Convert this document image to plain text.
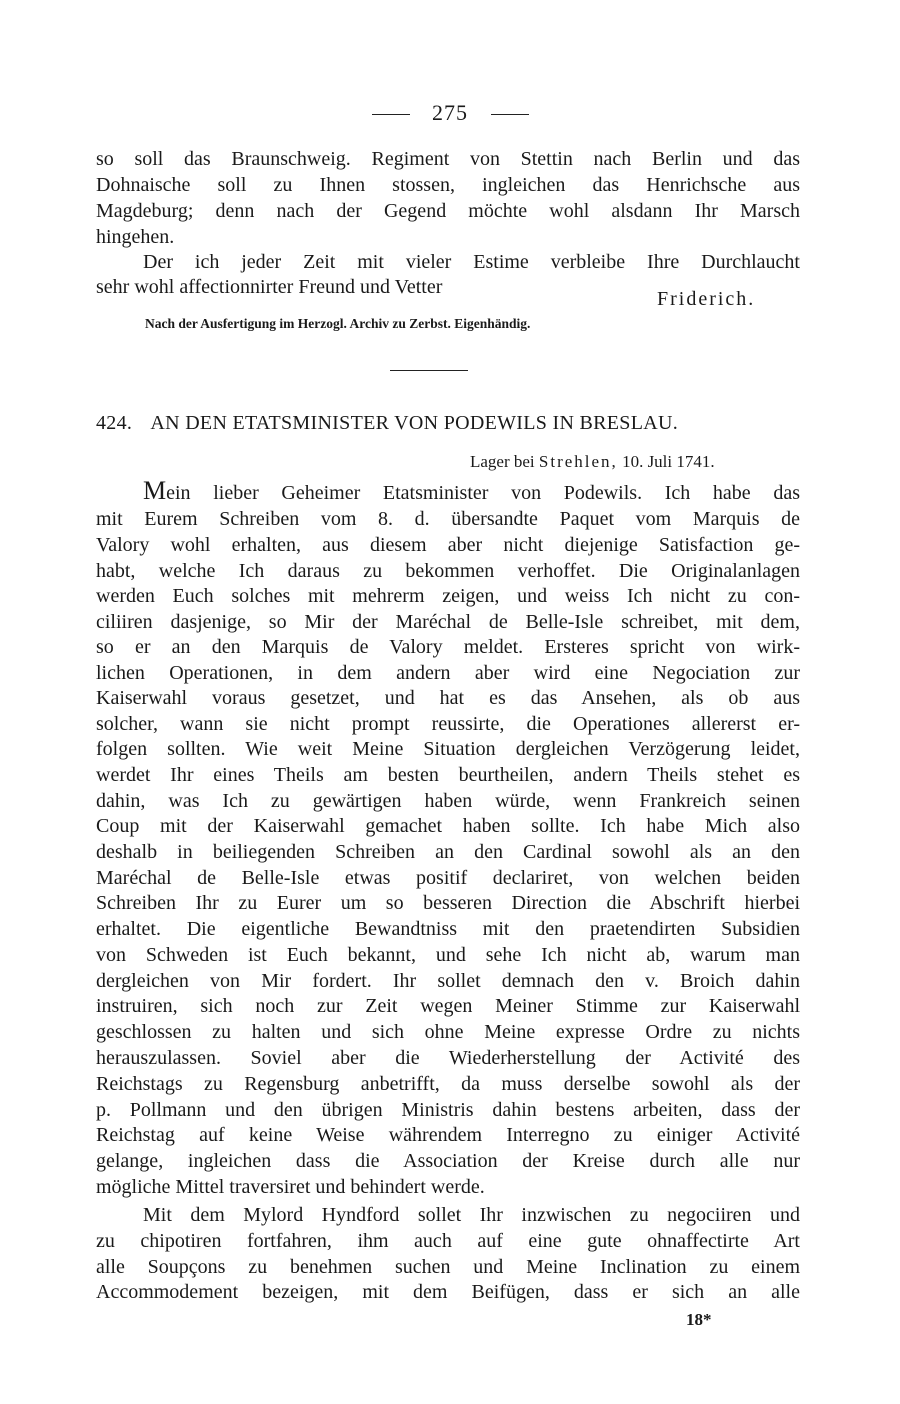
275
so soll das Braunschweig. Regiment von Stettin nach Berlin und das
Dohnaische soll zu Ihnen stossen, ingleichen das Henrichsche aus
Magdeburg; denn nach der Gegend möchte wohl alsdann Ihr Marsch
hingehen.
Der ich jeder Zeit mit vieler Estime verbleibe Ihre Durchlaucht
sehr wohl affectionnirter Freund und Vetter
Friderich.
Nach der Ausfertigung im Herzogl. Archiv zu Zerbst. Eigenhändig.
424. AN DEN ETATSMINISTER VON PODEWILS IN BRESLAU.
Lager bei Strehlen, 10. Juli 1741.
Mein lieber Geheimer Etatsminister von Podewils. Ich habe das
mit Eurem Schreiben vom 8. d. übersandte Paquet vom Marquis de
Valory wohl erhalten, aus diesem aber nicht diejenige Satisfaction ge-
habt, welche Ich daraus zu bekommen verhoffet. Die Originalanlagen
werden Euch solches mit mehrerm zeigen, und weiss Ich nicht zu con-
ciliiren dasjenige, so Mir der Maréchal de Belle-Isle schreibet, mit dem,
so er an den Marquis de Valory meldet. Ersteres spricht von wirk-
lichen Operationen, in dem andern aber wird eine Negociation zur
Kaiserwahl voraus gesetzet, und hat es das Ansehen, als ob aus
solcher, wann sie nicht prompt reussirte, die Operationes allererst er-
folgen sollten. Wie weit Meine Situation dergleichen Verzögerung leidet,
werdet Ihr eines Theils am besten beurtheilen, andern Theils stehet es
dahin, was Ich zu gewärtigen haben würde, wenn Frankreich seinen
Coup mit der Kaiserwahl gemachet haben sollte. Ich habe Mich also
deshalb in beiliegenden Schreiben an den Cardinal sowohl als an den
Maréchal de Belle-Isle etwas positif declariret, von welchen beiden
Schreiben Ihr zu Eurer um so besseren Direction die Abschrift hierbei
erhaltet. Die eigentliche Bewandtniss mit den praetendirten Subsidien
von Schweden ist Euch bekannt, und sehe Ich nicht ab, warum man
dergleichen von Mir fordert. Ihr sollet demnach den v. Broich dahin
instruiren, sich noch zur Zeit wegen Meiner Stimme zur Kaiserwahl
geschlossen zu halten und sich ohne Meine expresse Ordre zu nichts
herauszulassen. Soviel aber die Wiederherstellung der Activité des
Reichstags zu Regensburg anbetrifft, da muss derselbe sowohl als der
p. Pollmann und den übrigen Ministris dahin bestens arbeiten, dass der
Reichstag auf keine Weise währendem Interregno zu einiger Activité
gelange, ingleichen dass die Association der Kreise durch alle nur
mögliche Mittel traversiret und behindert werde.
Mit dem Mylord Hyndford sollet Ihr inzwischen zu negociiren und
zu chipotiren fortfahren, ihm auch auf eine gute ohnaffectirte Art
alle Soupçons zu benehmen suchen und Meine Inclination zu einem
Accommodement bezeigen, mit dem Beifügen, dass er sich an alle
18*
